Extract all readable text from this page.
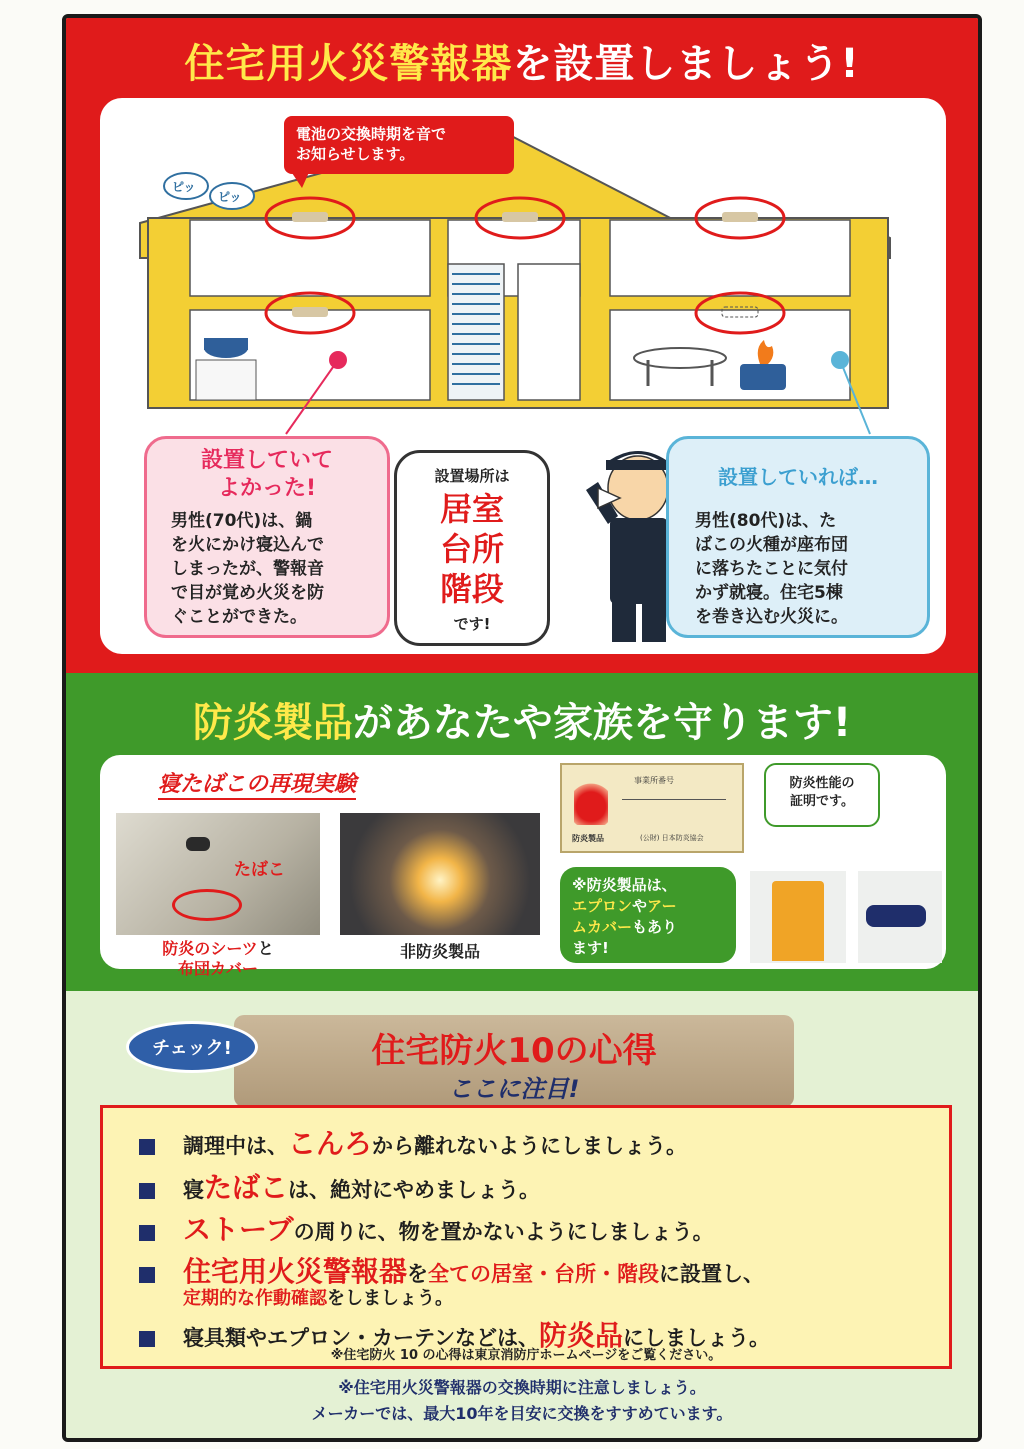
住宅用火災警報器を設置しましょう!
電池の交換時期を音で
お知らせします。
ピッ
ピッ
設置していて
よかった!
男性(70代)は、鍋
を火にかけ寝込んで
しまったが、警報音
で目が覚め火災を防
ぐことができた。
設置場所は
居室
台所
階段
です!
設置していれば…
男性(80代)は、た
ばこの火種が座布団
に落ちたことに気付
かず就寝。住宅5棟
を巻き込む火災に。
防炎製品があなたや家族を守ります!
寝たばこの再現実験
たばこ
防炎のシーツと
布団カバー
非防炎製品
事業所番号
防炎製品	(公財) 日本防炎協会
防炎性能の
証明です。
※防炎製品は、
エプロンやアー
ムカバーもあり
ます!
住宅防火10の心得
ここに注目!
チェック!
調理中は、こんろから離れないようにしましょう。
寝たばこは、絶対にやめましょう。
ストーブの周りに、物を置かないようにしましょう。
住宅用火災警報器を全ての居室・台所・階段に設置し、
定期的な作動確認をしましょう。
寝具類やエプロン・カーテンなどは、防炎品にしましょう。
※住宅防火 10 の心得は東京消防庁ホームページをご覧ください。
※住宅用火災警報器の交換時期に注意しましょう。
メーカーでは、最大10年を目安に交換をすすめています。
